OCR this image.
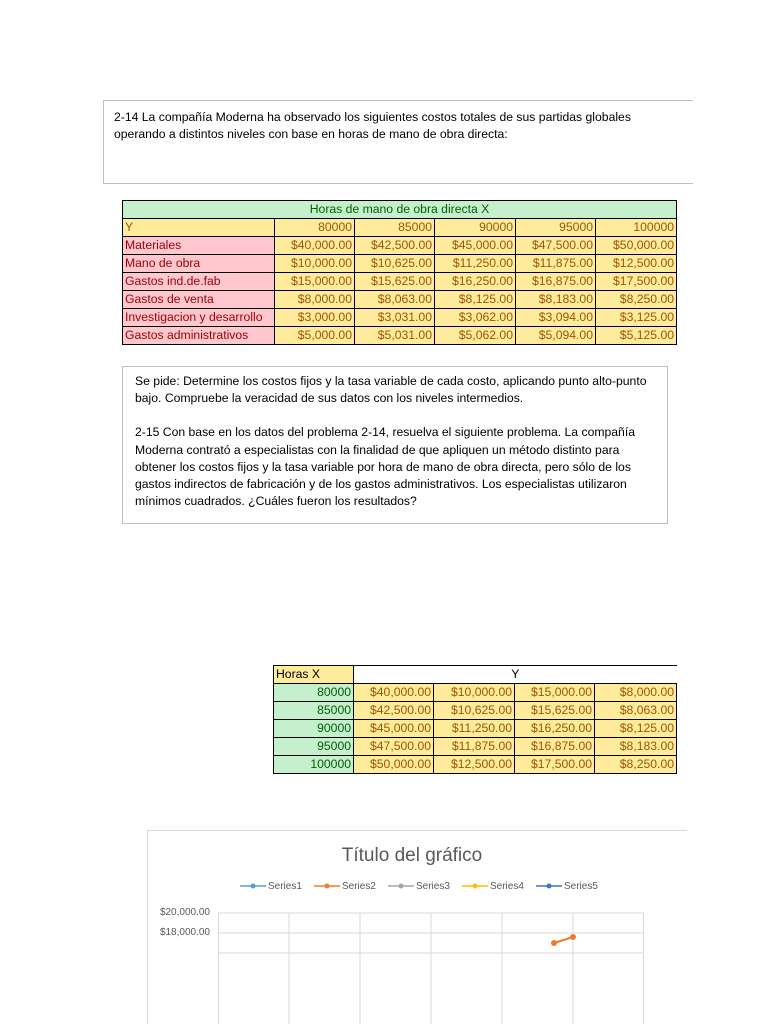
2-14 La compañía Moderna ha observado los siguientes costos totales de sus partidas globales operando a distintos niveles con base en horas de mano de obra directa:
Horas de mano de obra directa X					
Y	80000	85000	90000	95000	100000
Materiales	$40,000.00	$42,500.00	$45,000.00	$47,500.00	$50,000.00
Mano de obra	$10,000.00	$10,625.00	$11,250.00	$11,875.00	$12,500.00
Gastos ind.de.fab	$15,000.00	$15,625.00	$16,250.00	$16,875.00	$17,500.00
Gastos de venta	$8,000.00	$8,063.00	$8,125.00	$8,183.00	$8,250.00
Investigacion y desarrollo	$3,000.00	$3,031.00	$3,062.00	$3,094.00	$3,125.00
Gastos administrativos	$5,000.00	$5,031.00	$5,062.00	$5,094.00	$5,125.00

Se pide: Determine los costos fijos y la tasa variable de cada costo, aplicando punto alto-punto bajo. Compruebe la veracidad de sus datos con los niveles intermedios.

2-15 Con base en los datos del problema 2-14, resuelva el siguiente problema. La compañía Moderna contrató a especialistas con la finalidad de que apliquen un método distinto para obtener los costos fijos y la tasa variable por hora de mano de obra directa, pero sólo de los gastos indirectos de fabricación y de los gastos administrativos. Los especialistas utilizaron mínimos cuadrados. ¿Cuáles fueron los resultados?

Horas X	Y			
80000	$40,000.00	$10,000.00	$15,000.00	$8,000.00
85000	$42,500.00	$10,625.00	$15,625.00	$8,063.00
90000	$45,000.00	$11,250.00	$16,250.00	$8,125.00
95000	$47,500.00	$11,875.00	$16,875.00	$8,183.00
100000	$50,000.00	$12,500.00	$17,500.00	$8,250.00
Título del gráfico
Series1	Series2	Series3	Series4	Series5
$20,000.00
$18,000.00
